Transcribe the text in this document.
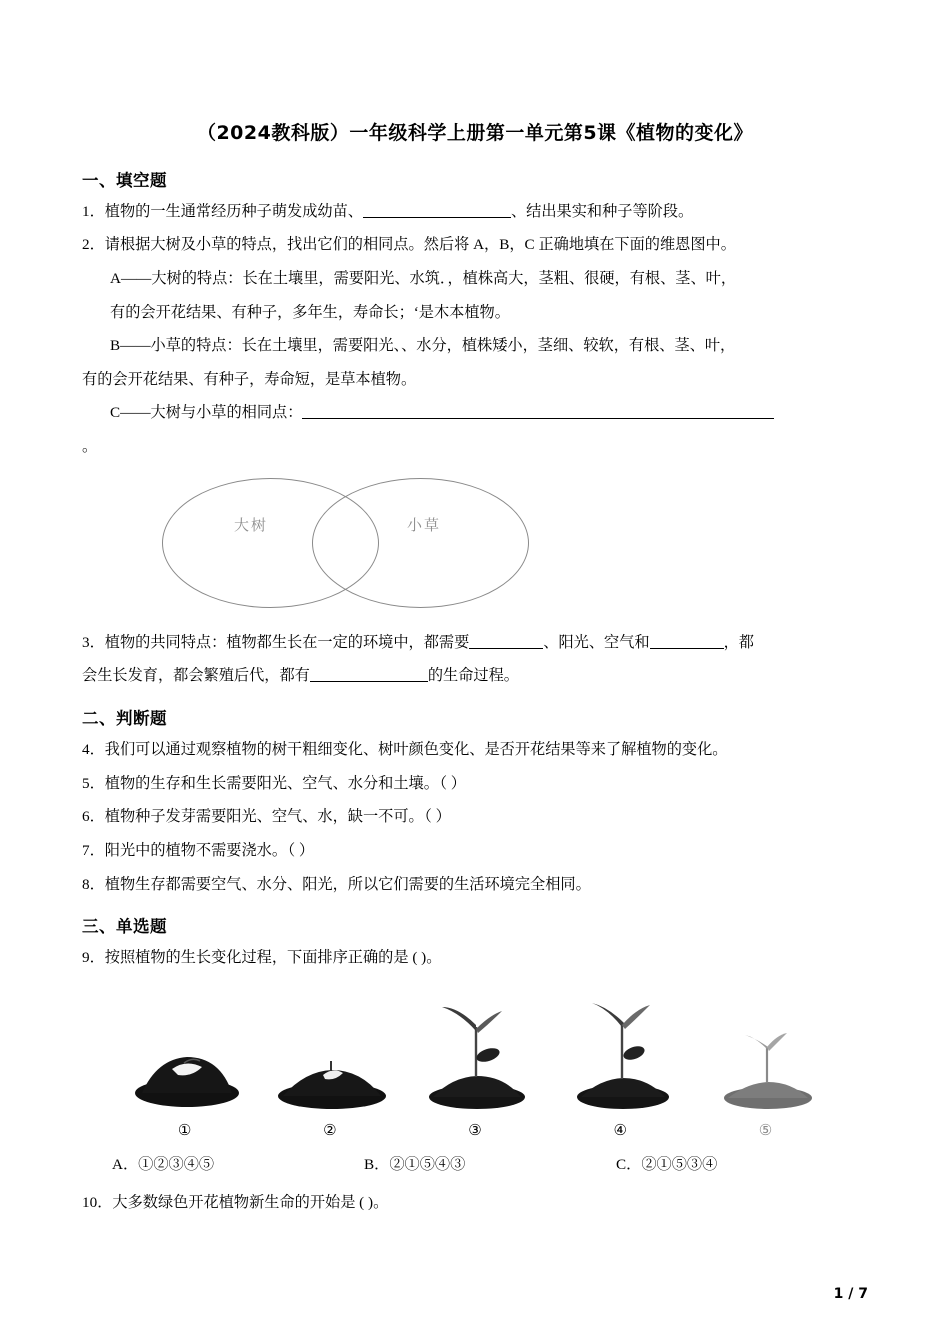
（2024教科版）一年级科学上册第一单元第5课《植物的变化》
一、填空题

1．植物的一生通常经历种子萌发成幼苗、	、结出果实和种子等阶段。

2．请根据大树及小草的特点，找出它们的相同点。然后将 A，B，C 正确地填在下面的维恩图中。

A——大树的特点：长在土壤里，需要阳光、水筑．，植株高大，茎粗、很硬，有根、茎、叶，

有的会开花结果、有种子，多年生，寿命长；‘是木本植物。

B——小草的特点：长在土壤里，需要阳光、、水分，植株矮小，茎细、较软，有根、茎、叶，

有的会开花结果、有种子，寿命短，是草本植物。

C——大树与小草的相同点：

。

大树	小草

3．植物的共同特点：植物都生长在一定的环境中，都需要	、阳光、空气和	，都

会生长发育，都会繁殖后代，都有	的生命过程。

二、判断题

4．我们可以通过观察植物的树干粗细变化、树叶颜色变化、是否开花结果等来了解植物的变化。

5．植物的生存和生长需要阳光、空气、水分和土壤。（ ）

6．植物种子发芽需要阳光、空气、水，缺一不可。（ ）

7．阳光中的植物不需要浇水。（ ）

8．植物生存都需要空气、水分、阳光，所以它们需要的生活环境完全相同。

三、单选题

9．按照植物的生长变化过程，下面排序正确的是 ( )。

①	②	③	④	⑤
A．①②③④⑤	B．②①⑤④③	C．②①⑤③④

10．大多数绿色开花植物新生命的开始是 ( )。

1 / 7
